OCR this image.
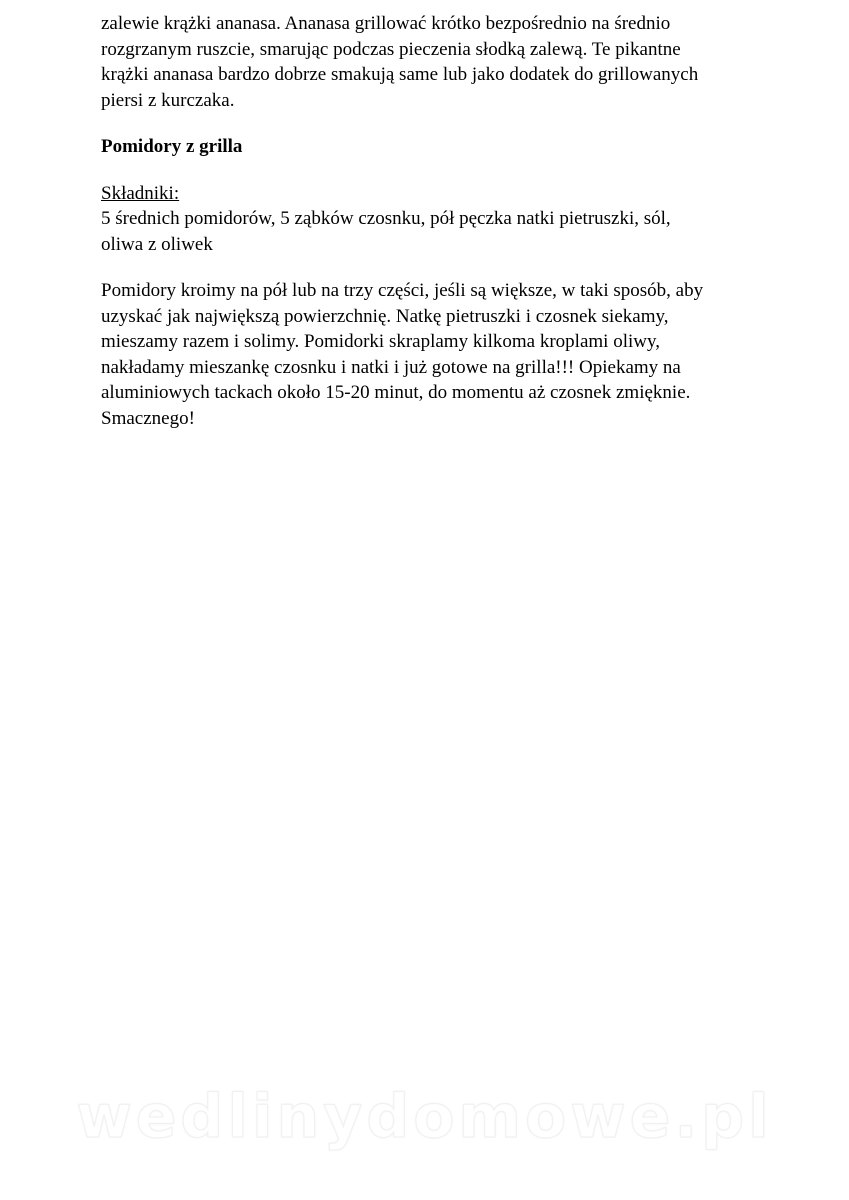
zalewie krążki ananasa. Ananasa grillować krótko bezpośrednio na średnio
rozgrzanym ruszcie, smarując podczas pieczenia słodką zalewą. Te pikantne
krążki ananasa bardzo dobrze smakują same lub jako dodatek do grillowanych
piersi z kurczaka.
Pomidory z grilla
Składniki:
5 średnich pomidorów, 5 ząbków czosnku, pół pęczka natki pietruszki, sól,
oliwa z oliwek
Pomidory kroimy na pół lub na trzy części, jeśli są większe, w taki sposób, aby
uzyskać jak największą powierzchnię. Natkę pietruszki i czosnek siekamy,
mieszamy razem i solimy. Pomidorki skraplamy kilkoma kroplami oliwy,
nakładamy mieszankę czosnku i natki i już gotowe na grilla!!! Opiekamy na
aluminiowych tackach około 15-20 minut, do momentu aż czosnek zmięknie.
Smacznego!
wedlinydomowe.pl
